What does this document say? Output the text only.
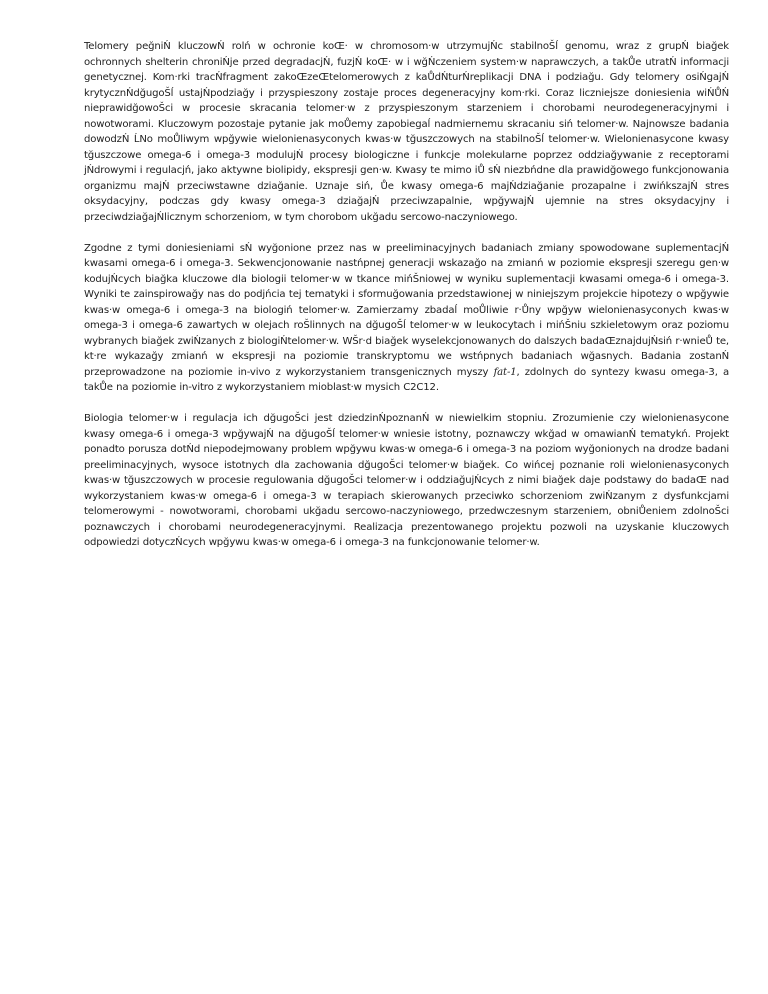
Telomery peğniŃ kluczowŃ rolń w ochronie koŒ· w chromosom·w utrzymujŃc stabilnoŠĺ genomu, wraz z grupŃ biağek ochronnych shelterin chroniŃje przed degradacjŃ, fuzjŃ koŒ· w i wğŃczeniem system·w naprawczych, a takŮe utratŃ informacji genetycznej. Kom·rki tracŃfragment zakoŒzeŒtelomerowych z kaŮdŃturŃreplikacji DNA i podziağu. Gdy telomery osiŃgajŃ krytycznŃdğugoŠĺ ustajŃpodziağy i przyspieszony zostaje proces degeneracyjny kom·rki. Coraz liczniejsze doniesienia wiŃŮŃ nieprawidğowoŠci w procesie skracania telomer·w z przyspieszonym starzeniem i chorobami neurodegeneracyjnymi i nowotworami. Kluczowym pozostaje pytanie jak moŮemy zapobiegaĺ nadmiernemu skracaniu siń telomer·w. Najnowsze badania dowodzŃ ĹNo moŮliwym wpğywie wielonienasyconych kwas·w tğuszczowych na stabilnoŠĺ telomer·w. Wielonienasycone kwasy tğuszczowe omega-6 i omega-3 modulujŃ procesy biologiczne i funkcje molekularne poprzez oddziağywanie z receptorami jŃdrowymi i regulacjń, jako aktywne biolipidy, ekspresji gen·w. Kwasy te mimo iŮ sŃ niezbńdne dla prawidğowego funkcjonowania organizmu majŃ przeciwstawne dziağanie. Uznaje siń, Ůe kwasy omega-6 majŃdziağanie prozapalne i zwińkszajŃ stres oksydacyjny, podczas gdy kwasy omega-3 dziağajŃ przeciwzapalnie, wpğywajŃ ujemnie na stres oksydacyjny i przeciwdziağajŃlicznym schorzeniom, w tym chorobom ukğadu sercowo-naczyniowego.

Zgodne z tymi doniesieniami sŃ wyğonione przez nas w preeliminacyjnych badaniach zmiany spowodowane suplementacjŃ kwasami omega-6 i omega-3. Sekwencjonowanie nastńpnej generacji wskazağo na zmianń w poziomie ekspresji szeregu gen·w kodujŃcych biağka kluczowe dla biologii telomer·w w tkance mińŠniowej w wyniku suplementacji kwasami omega-6 i omega-3. Wyniki te zainspirowağy nas do podjńcia tej tematyki i sformuğowania przedstawionej w niniejszym projekcie hipotezy o wpğywie kwas·w omega-6 i omega-3 na biologiń telomer·w. Zamierzamy zbadaĺ moŮliwie r·Ůny wpğyw wielonienasyconych kwas·w omega-3 i omega-6 zawartych w olejach roŠlinnych na dğugoŠĺ telomer·w w leukocytach i mińŠniu szkieletowym oraz poziomu wybranych biağek zwiŃzanych z biologiŃtelomer·w. WŠr·d biağek wyselekcjonowanych do dalszych badaŒznajdujŃsiń r·wnieŮ te, kt·re wykazağy zmianń w ekspresji na poziomie transkryptomu we wstńpnych badaniach wğasnych. Badania zostanŃ przeprowadzone na poziomie in-vivo z wykorzystaniem transgenicznych myszy fat-1, zdolnych do syntezy kwasu omega-3, a takŮe na poziomie in-vitro z wykorzystaniem mioblast·w mysich C2C12.

Biologia telomer·w i regulacja ich dğugoŠci jest dziedzinŃpoznanŃ w niewielkim stopniu. Zrozumienie czy wielonienasycone kwasy omega-6 i omega-3 wpğywajŃ na dğugoŠĺ telomer·w wniesie istotny, poznawczy wkğad w omawianŃ tematykń. Projekt ponadto porusza dotŃd niepodejmowany problem wpğywu kwas·w omega-6 i omega-3 na poziom wyğonionych na drodze badani preeliminacyjnych, wysoce istotnych dla zachowania dğugoŠci telomer·w biağek. Co wińcej poznanie roli wielonienasyconych kwas·w tğuszczowych w procesie regulowania dğugoŠci telomer·w i oddziağujŃcych z nimi biağek daje podstawy do badaŒ nad wykorzystaniem kwas·w omega-6 i omega-3 w terapiach skierowanych przeciwko schorzeniom zwiŃzanym z dysfunkcjami telomerowymi - nowotworami, chorobami ukğadu sercowo-naczyniowego, przedwczesnym starzeniem, obniŮeniem zdolnoŠci poznawczych i chorobami neurodegeneracyjnymi. Realizacja prezentowanego projektu pozwoli na uzyskanie kluczowych odpowiedzi dotyczŃcych wpğywu kwas·w omega-6 i omega-3 na funkcjonowanie telomer·w.
